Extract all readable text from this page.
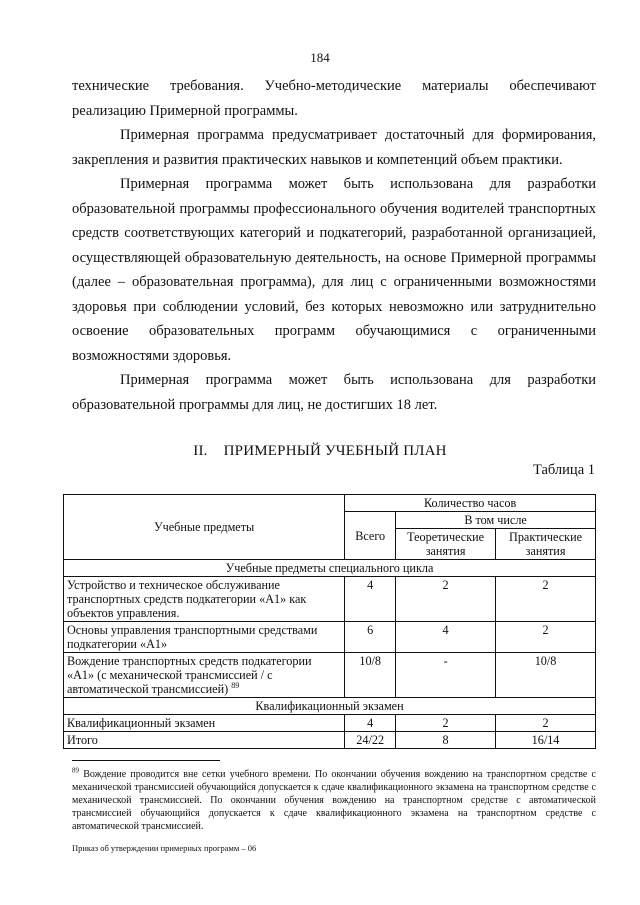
184

технические требования. Учебно-методические материалы обеспечивают реализацию Примерной программы.

Примерная программа предусматривает достаточный для формирования, закрепления и развития практических навыков и компетенций объем практики.

Примерная программа может быть использована для разработки образовательной программы профессионального обучения водителей транспортных средств соответствующих категорий и подкатегорий, разработанной организацией, осуществляющей образовательную деятельность, на основе Примерной программы (далее – образовательная программа), для лиц с ограниченными возможностями здоровья при соблюдении условий, без которых невозможно или затруднительно освоение образовательных программ обучающимися с ограниченными возможностями здоровья.

Примерная программа может быть использована для разработки образовательной программы для лиц, не достигших 18 лет.

II. ПРИМЕРНЫЙ УЧЕБНЫЙ ПЛАН
Таблица 1
Учебные предметы	Количество часов		
	Всего	В том числе	
		Теоретические занятия	Практические занятия
Учебные предметы специального цикла			
Устройство и техническое обслуживание транспортных средств подкатегории «А1» как объектов управления.	4	2	2
Основы управления транспортными средствами подкатегории «А1»	6	4	2
Вождение транспортных средств подкатегории «А1» (с механической трансмиссией / с автоматической трансмиссией) $^{89}$	10/8	-	10/8
Квалификационный экзамен			
Квалификационный экзамен	4	2	2
Итого	24/22	8	16/14

$^{89}$ Вождение проводится вне сетки учебного времени. По окончании обучения вождению на транспортном средстве с механической трансмиссией обучающийся допускается к сдаче квалификационного экзамена на транспортном средстве с механической трансмиссией. По окончании обучения вождению на транспортном средстве с автоматической трансмиссией обучающийся допускается к сдаче квалификационного экзамена на транспортном средстве с автоматической трансмиссией.

Приказ об утверждении примерных программ – 06
